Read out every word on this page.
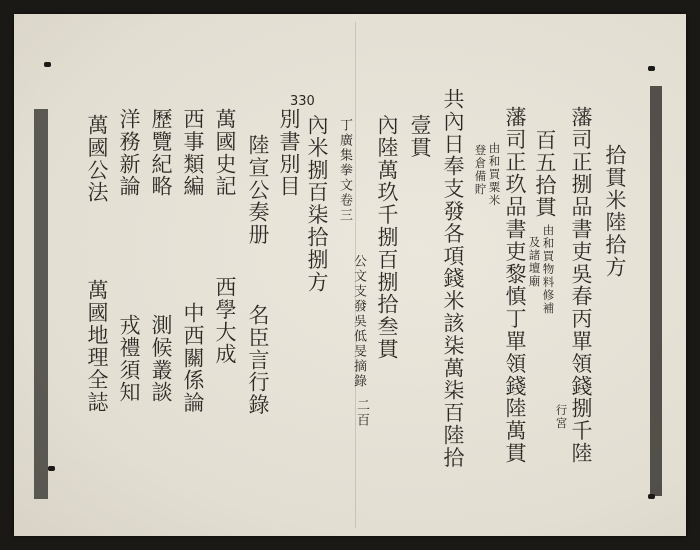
拾貫米陸拾方
藩司正捌品書吏吳春丙單領錢捌千陸
百五拾貫
由和買物料修補
及諸壇廟
行宮
藩司正玖品書吏黎慎丁單領錢陸萬貫
由和買粟米
登倉備貯
共內日奉支發各項錢米該柒萬柒百陸拾
壹貫
內陸萬玖千捌百捌拾叁貫
丁廣集拳文卷三
公文
支發
吳低旻摘錄
二百
內米捌百柒拾捌方
330
別書別目
陸宣公奏册
名臣言行錄
萬國史記
西學大成
西事類編
中西關係論
歷覽紀略
測候叢談
洋務新論
戎禮須知
萬國公法
萬國地理全誌
